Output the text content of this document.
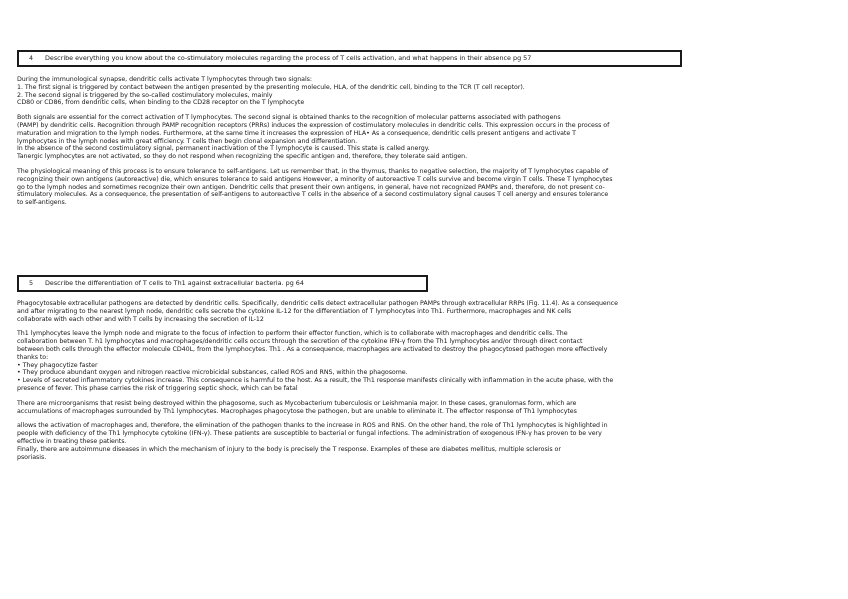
4 Describe everything you know about the co-stimulatory molecules regarding the process of T cells activation, and what happens in their absence pg 57

During the immunological synapse, dendritic cells activate T lymphocytes through two signals:

1. The first signal is triggered by contact between the antigen presented by the presenting molecule, HLA, of the dendritic cell, binding to the TCR (T cell receptor).

2. The second signal is triggered by the so-called costimulatory molecules, mainly

CD80 or CD86, from dendritic cells, when binding to the CD28 receptor on the T lymphocyte

Both signals are essential for the correct activation of T lymphocytes. The second signal is obtained thanks to the recognition of molecular patterns associated with pathogens

(PAMP) by dendritic cells. Recognition through PAMP recognition receptors (PRRs) induces the expression of costimulatory molecules in dendritic cells. This expression occurs in the process of

maturation and migration to the lymph nodes. Furthermore, at the same time it increases the expression of HLA• As a consequence, dendritic cells present antigens and activate T

lymphocytes in the lymph nodes with great efficiency. T cells then begin clonal expansion and differentiation.

In the absence of the second costimulatory signal, permanent inactivation of the T lymphocyte is caused. This state is called anergy.

Tanergic lymphocytes are not activated, so they do not respond when recognizing the specific antigen and, therefore, they tolerate said antigen.

The physiological meaning of this process is to ensure tolerance to self-antigens. Let us remember that, in the thymus, thanks to negative selection, the majority of T lymphocytes capable of

recognizing their own antigens (autoreactive) die, which ensures tolerance to said antigens However, a minority of autoreactive T cells survive and become virgin T cells. These T lymphocytes

go to the lymph nodes and sometimes recognize their own antigen. Dendritic cells that present their own antigens, in general, have not recognized PAMPs and, therefore, do not present co-

stimulatory molecules. As a consequence, the presentation of self-antigens to autoreactive T cells in the absence of a second costimulatory signal causes T cell anergy and ensures tolerance

to self-antigens.

5 Describe the differentiation of T cells to Th1 against extracellular bacteria. pg 64

Phagocytosable extracellular pathogens are detected by dendritic cells. Specifically, dendritic cells detect extracellular pathogen PAMPs through extracellular RRPs (Fig. 11.4). As a consequence

and after migrating to the nearest lymph node, dendritic cells secrete the cytokine IL-12 for the differentiation of T lymphocytes into Th1. Furthermore, macrophages and NK cells

collaborate with each other and with T cells by increasing the secretion of IL-12

Th1 lymphocytes leave the lymph node and migrate to the focus of infection to perform their effector function, which is to collaborate with macrophages and dendritic cells. The

collaboration between T. h1 lymphocytes and macrophages/dendritic cells occurs through the secretion of the cytokine IFN-γ from the Th1 lymphocytes and/or through direct contact

between both cells through the effector molecule CD40L, from the lymphocytes. Th1 . As a consequence, macrophages are activated to destroy the phagocytosed pathogen more effectively

thanks to:

• They phagocytize faster

• They produce abundant oxygen and nitrogen reactive microbicidal substances, called ROS and RNS, within the phagosome.

• Levels of secreted inflammatory cytokines increase. This consequence is harmful to the host. As a result, the Th1 response manifests clinically with inflammation in the acute phase, with the

presence of fever. This phase carries the risk of triggering septic shock, which can be fatal

There are microorganisms that resist being destroyed within the phagosome, such as Mycobacterium tuberculosis or Leishmania major. In these cases, granulomas form, which are

accumulations of macrophages surrounded by Th1 lymphocytes. Macrophages phagocytose the pathogen, but are unable to eliminate it. The effector response of Th1 lymphocytes

allows the activation of macrophages and, therefore, the elimination of the pathogen thanks to the increase in ROS and RNS. On the other hand, the role of Th1 lymphocytes is highlighted in

people with deficiency of the Th1 lymphocyte cytokine (IFN-γ). These patients are susceptible to bacterial or fungal infections. The administration of exogenous IFN-γ has proven to be very

effective in treating these patients.

Finally, there are autoimmune diseases in which the mechanism of injury to the body is precisely the T response. Examples of these are diabetes mellitus, multiple sclerosis or

psoriasis.
